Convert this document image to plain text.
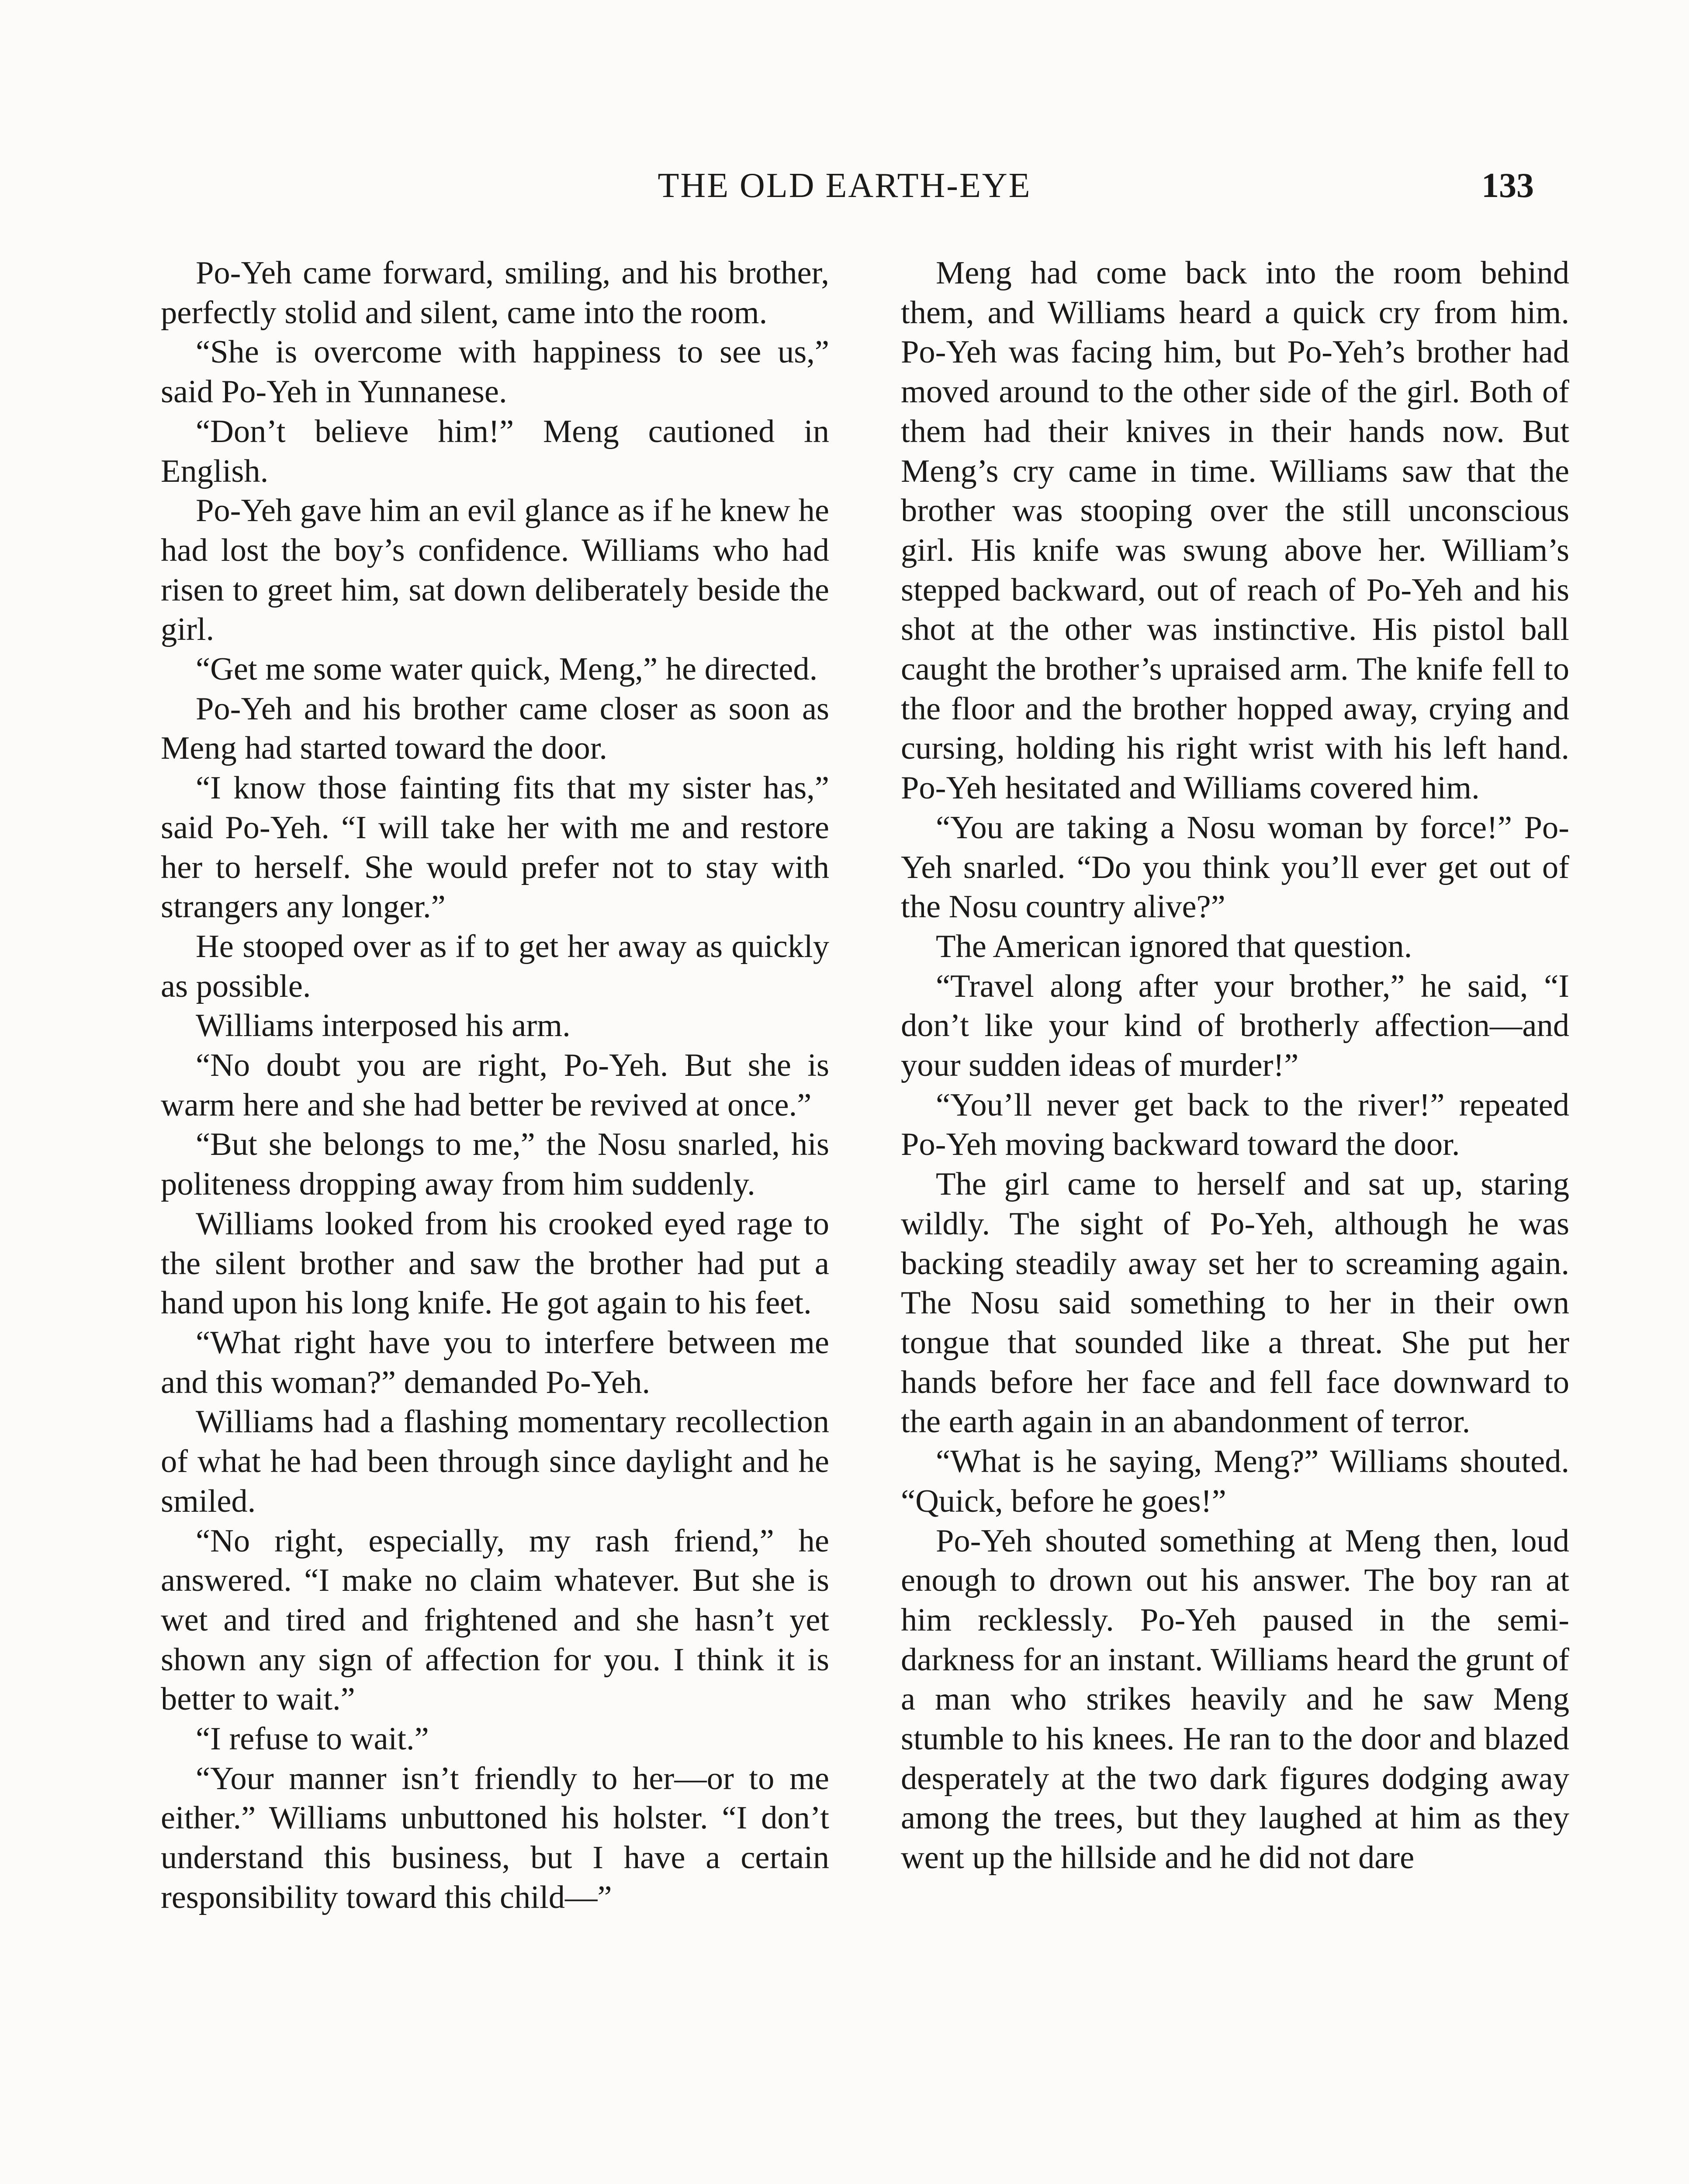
THE OLD EARTH-EYE	133

Po-Yeh came forward, smiling, and his brother, perfectly stolid and silent, came into the room.

“She is overcome with happiness to see us,” said Po-Yeh in Yunnanese.

“Don’t believe him!” Meng cautioned in English.

Po-Yeh gave him an evil glance as if he knew he had lost the boy’s confidence. Williams who had risen to greet him, sat down deliberately beside the girl.

“Get me some water quick, Meng,” he directed.

Po-Yeh and his brother came closer as soon as Meng had started toward the door.

“I know those fainting fits that my sister has,” said Po-Yeh. “I will take her with me and restore her to herself. She would prefer not to stay with strangers any longer.”

He stooped over as if to get her away as quickly as possible.

Williams interposed his arm.

“No doubt you are right, Po-Yeh. But she is warm here and she had better be revived at once.”

“But she belongs to me,” the Nosu snarled, his politeness dropping away from him suddenly.

Williams looked from his crooked eyed rage to the silent brother and saw the brother had put a hand upon his long knife. He got again to his feet.

“What right have you to interfere between me and this woman?” demanded Po-Yeh.

Williams had a flashing momentary recollection of what he had been through since daylight and he smiled.

“No right, especially, my rash friend,” he answered. “I make no claim whatever. But she is wet and tired and frightened and she hasn’t yet shown any sign of affection for you. I think it is better to wait.”

“I refuse to wait.”

“Your manner isn’t friendly to her—or to me either.” Williams unbuttoned his holster. “I don’t understand this business, but I have a certain responsibility toward this child—”

Meng had come back into the room behind them, and Williams heard a quick cry from him. Po-Yeh was facing him, but Po-Yeh’s brother had moved around to the other side of the girl. Both of them had their knives in their hands now. But Meng’s cry came in time. Williams saw that the brother was stooping over the still unconscious girl. His knife was swung above her. William’s stepped backward, out of reach of Po-Yeh and his shot at the other was instinctive. His pistol ball caught the brother’s upraised arm. The knife fell to the floor and the brother hopped away, crying and cursing, holding his right wrist with his left hand. Po-Yeh hesitated and Williams covered him.

“You are taking a Nosu woman by force!” Po-Yeh snarled. “Do you think you’ll ever get out of the Nosu country alive?”

The American ignored that question.

“Travel along after your brother,” he said, “I don’t like your kind of brotherly affection—and your sudden ideas of murder!”

“You’ll never get back to the river!” repeated Po-Yeh moving backward toward the door.

The girl came to herself and sat up, staring wildly. The sight of Po-Yeh, although he was backing steadily away set her to screaming again. The Nosu said something to her in their own tongue that sounded like a threat. She put her hands before her face and fell face downward to the earth again in an abandonment of terror.

“What is he saying, Meng?” Williams shouted. “Quick, before he goes!”

Po-Yeh shouted something at Meng then, loud enough to drown out his answer. The boy ran at him recklessly. Po-Yeh paused in the semi-darkness for an instant. Williams heard the grunt of a man who strikes heavily and he saw Meng stumble to his knees. He ran to the door and blazed desperately at the two dark figures dodging away among the trees, but they laughed at him as they went up the hillside and he did not dare
